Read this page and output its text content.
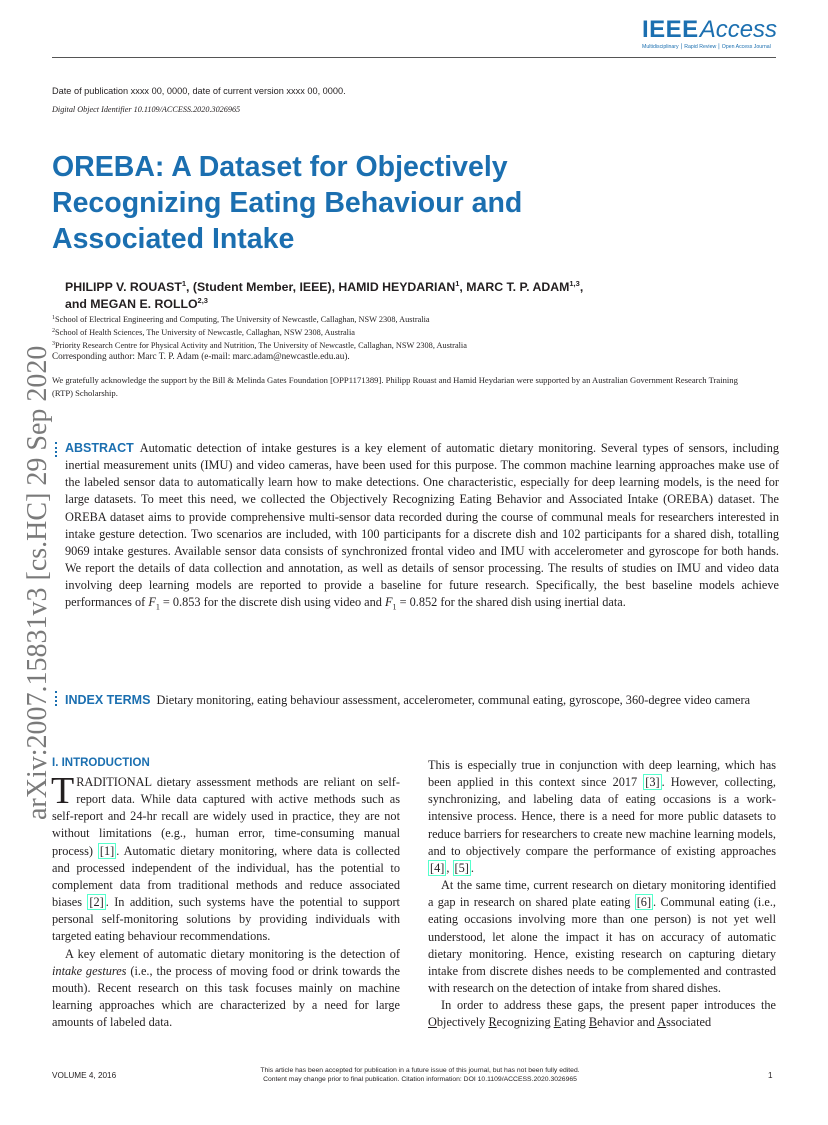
IEEEAccess
Multidisciplinary ⎮ Rapid Review ⎮ Open Access Journal
Date of publication xxxx 00, 0000, date of current version xxxx 00, 0000.
Digital Object Identifier 10.1109/ACCESS.2020.3026965
OREBA: A Dataset for Objectively
Recognizing Eating Behaviour and
Associated Intake
arXiv:2007.15831v3 [cs.HC] 29 Sep 2020
PHILIPP V. ROUAST$^1$, (Student Member, IEEE), HAMID HEYDARIAN$^1$, MARC T. P. ADAM$^{1,3}$,
and MEGAN E. ROLLO$^{2,3}$
$^1$School of Electrical Engineering and Computing, The University of Newcastle, Callaghan, NSW 2308, Australia
$^2$School of Health Sciences, The University of Newcastle, Callaghan, NSW 2308, Australia
$^3$Priority Research Centre for Physical Activity and Nutrition, The University of Newcastle, Callaghan, NSW 2308, Australia
Corresponding author: Marc T. P. Adam (e-mail: marc.adam@newcastle.edu.au).
We gratefully acknowledge the support by the Bill & Melinda Gates Foundation [OPP1171389]. Philipp Rouast and Hamid Heydarian were supported by an Australian Government Research Training (RTP) Scholarship.
ABSTRACT Automatic detection of intake gestures is a key element of automatic dietary monitoring. Several types of sensors, including inertial measurement units (IMU) and video cameras, have been used for this purpose. The common machine learning approaches make use of the labeled sensor data to automatically learn how to make detections. One characteristic, especially for deep learning models, is the need for large datasets. To meet this need, we collected the Objectively Recognizing Eating Behavior and Associated Intake (OREBA) dataset. The OREBA dataset aims to provide comprehensive multi-sensor data recorded during the course of communal meals for researchers interested in intake gesture detection. Two scenarios are included, with 100 participants for a discrete dish and 102 participants for a shared dish, totalling 9069 intake gestures. Available sensor data consists of synchronized frontal video and IMU with accelerometer and gyroscope for both hands. We report the details of data collection and annotation, as well as details of sensor processing. The results of studies on IMU and video data involving deep learning models are reported to provide a baseline for future research. Specifically, the best baseline models achieve performances of $F_1 = 0.853$ for the discrete dish using video and $F_1 = 0.852$ for the shared dish using inertial data.
INDEX TERMS Dietary monitoring, eating behaviour assessment, accelerometer, communal eating, gyroscope, 360-degree video camera
I. INTRODUCTION

TRADITIONAL dietary assessment methods are reliant on self-report data. While data captured with active methods such as self-report and 24-hr recall are widely used in practice, they are not without limitations (e.g., human error, time-consuming manual process) [1] . Automatic dietary monitoring, where data is collected and processed independent of the individual, has the potential to complement data from traditional methods and reduce associated biases [2] . In addition, such systems have the potential to support personal self-monitoring solutions by providing individuals with targeted eating behaviour recommendations.

A key element of automatic dietary monitoring is the detection of intake gestures (i.e., the process of moving food or drink towards the mouth). Recent research on this task focuses mainly on machine learning approaches which are characterized by a need for large amounts of labeled data.

This is especially true in conjunction with deep learning, which has been applied in this context since 2017 [3] . However, collecting, synchronizing, and labeling data of eating occasions is a work-intensive process. Hence, there is a need for more public datasets to reduce barriers for researchers to create new machine learning models, and to objectively compare the performance of existing approaches [4] , [5] .

At the same time, current research on dietary monitoring identified a gap in research on shared plate eating [6] . Communal eating (i.e., eating occasions involving more than one person) is not yet well understood, let alone the impact it has on accuracy of automatic dietary monitoring. Hence, existing research on capturing dietary intake from discrete dishes needs to be complemented and contrasted with research on the detection of intake from shared dishes.

In order to address these gaps, the present paper introduces the Objectively Recognizing Eating Behavior and Associated

VOLUME 4, 2016
This article has been accepted for publication in a future issue of this journal, but has not been fully edited.
Content may change prior to final publication. Citation information: DOI 10.1109/ACCESS.2020.3026965	1
